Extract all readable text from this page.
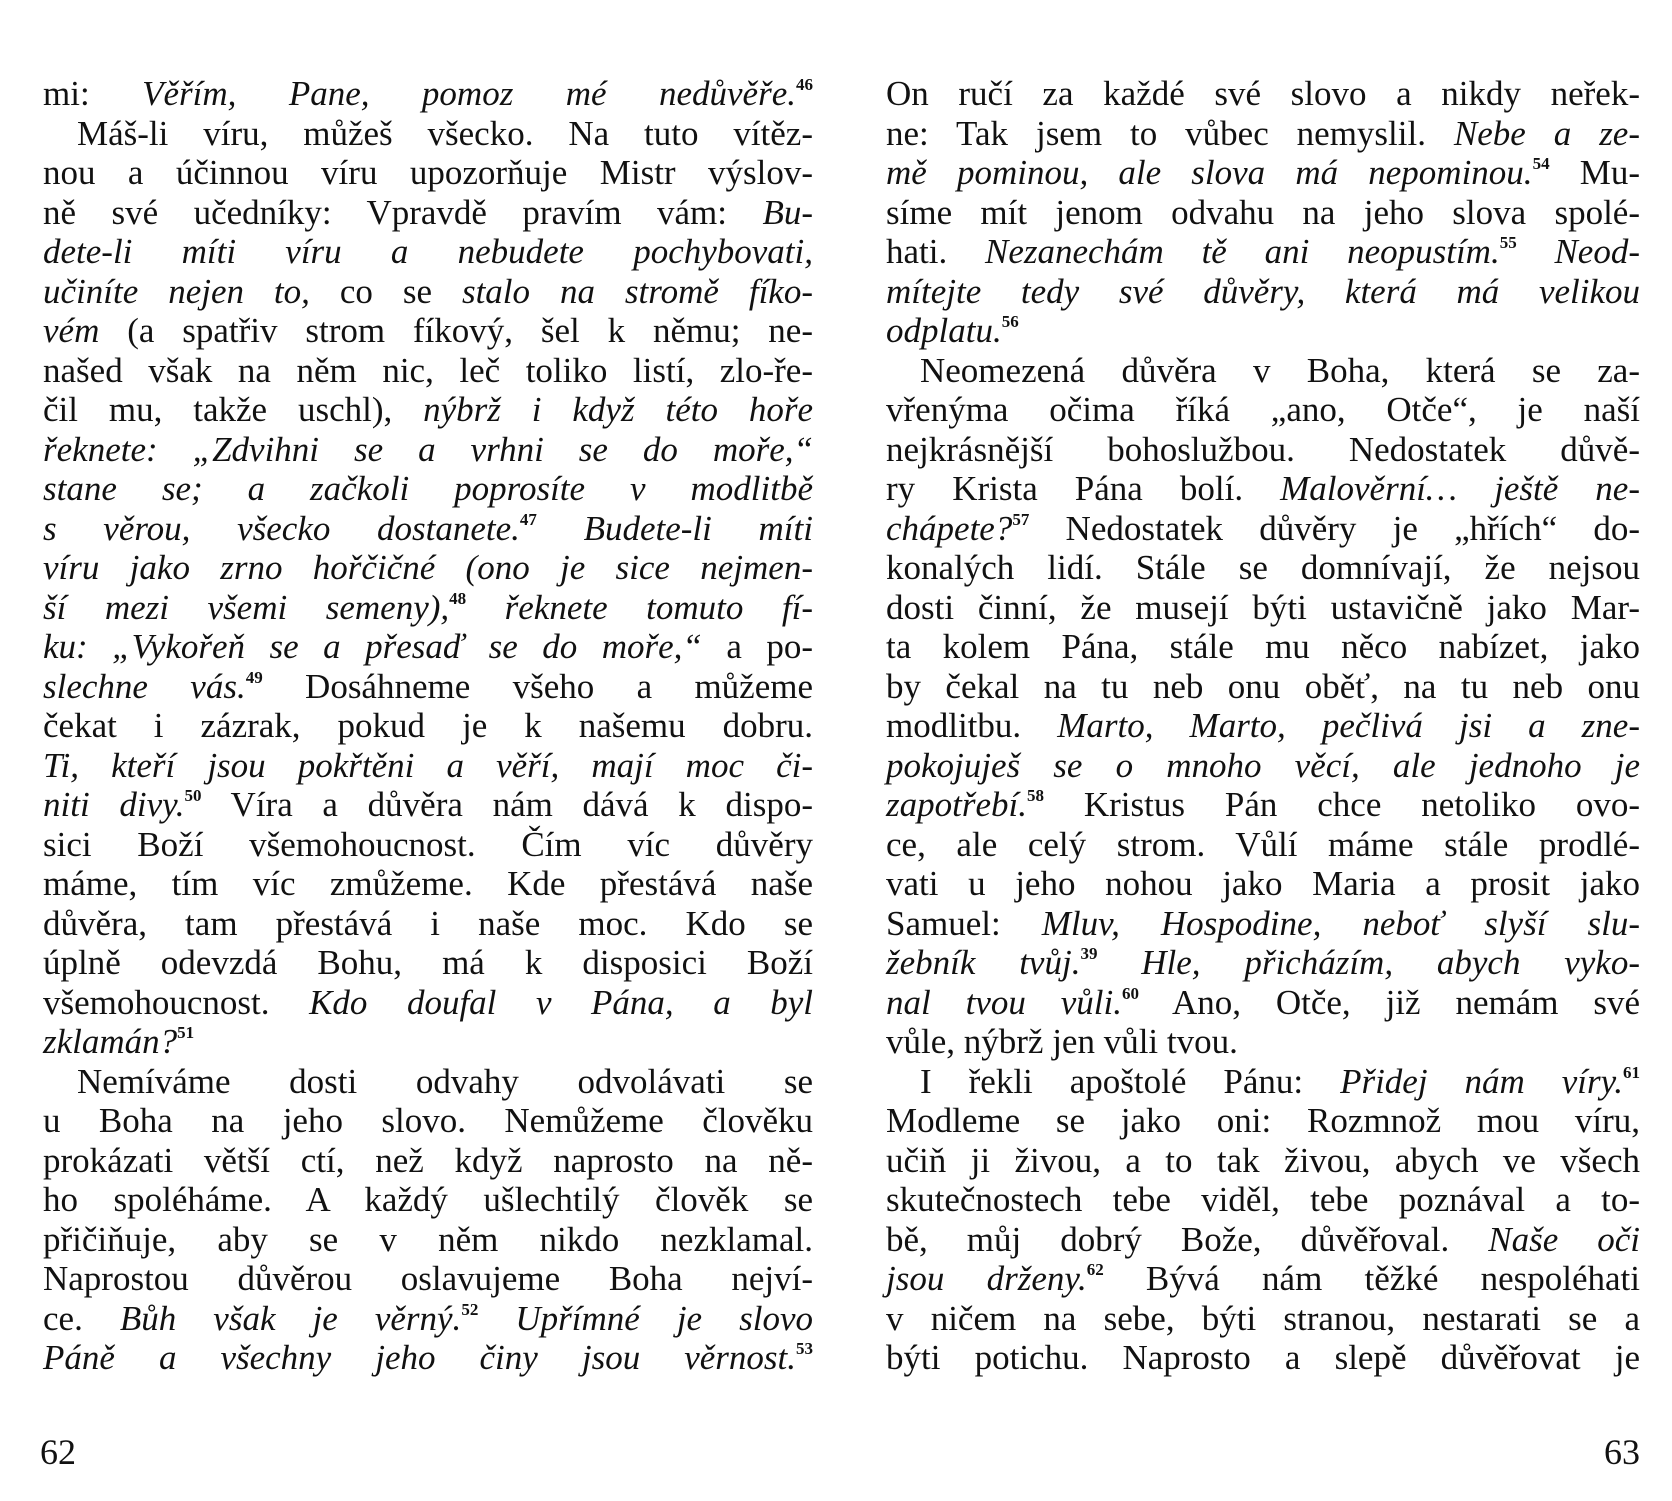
mi: Věřím, Pane, pomoz mé nedůvěře.$^{46}$
Máš-li víru, můžeš všecko. Na tuto vítěz-
nou a účinnou víru upozorňuje Mistr výslov-
ně své učedníky: Vpravdě pravím vám: Bu-
dete-li míti víru a nebudete pochybovati,
učiníte nejen to, co se stalo na stromě fíko-
vém (a spatřiv strom fíkový, šel k němu; ne-
našed však na něm nic, leč toliko listí, zlo-ře-
čil mu, takže uschl), nýbrž i když této hoře
řeknete: „Zdvihni se a vrhni se do moře,“
stane se; a začkoli poprosíte v modlitbě
s věrou, všecko dostanete.$^{47}$ Budete-li míti
víru jako zrno hořčičné (ono je sice nejmen-
ší mezi všemi semeny),$^{48}$ řeknete tomuto fí-
ku: „Vykořeň se a přesaď se do moře,“ a po-
slechne vás.$^{49}$ Dosáhneme všeho a můžeme
čekat i zázrak, pokud je k našemu dobru.
Ti, kteří jsou pokřtěni a věří, mají moc či-
niti divy.$^{50}$ Víra a důvěra nám dává k dispo-
sici Boží všemohoucnost. Čím víc důvěry
máme, tím víc zmůžeme. Kde přestává naše
důvěra, tam přestává i naše moc. Kdo se
úplně odevzdá Bohu, má k disposici Boží
všemohoucnost. Kdo doufal v Pána, a byl
zklamán?$^{51}$
Nemíváme dosti odvahy odvolávati se
u Boha na jeho slovo. Nemůžeme člověku
prokázati větší ctí, než když naprosto na ně-
ho spoléháme. A každý ušlechtilý člověk se
přičiňuje, aby se v něm nikdo nezklamal.
Naprostou důvěrou oslavujeme Boha nejví-
ce. Bůh však je věrný.$^{52}$ Upřímné je slovo
Páně a všechny jeho činy jsou věrnost.$^{53}$
62
On ručí za každé své slovo a nikdy neřek-
ne: Tak jsem to vůbec nemyslil. Nebe a ze-
mě pominou, ale slova má nepominou.$^{54}$ Mu-
síme mít jenom odvahu na jeho slova spolé-
hati. Nezanechám tě ani neopustím.$^{55}$ Neod-
mítejte tedy své důvěry, která má velikou
odplatu.$^{56}$
Neomezená důvěra v Boha, která se za-
vřenýma očima říká „ano, Otče“, je naší
nejkrásnější bohoslužbou. Nedostatek důvě-
ry Krista Pána bolí. Malověrní… ještě ne-
chápete?$^{57}$ Nedostatek důvěry je „hřích“ do-
konalých lidí. Stále se domnívají, že nejsou
dosti činní, že musejí býti ustavičně jako Mar-
ta kolem Pána, stále mu něco nabízet, jako
by čekal na tu neb onu oběť, na tu neb onu
modlitbu. Marto, Marto, pečlivá jsi a zne-
pokojuješ se o mnoho věcí, ale jednoho je
zapotřebí.$^{58}$ Kristus Pán chce netoliko ovo-
ce, ale celý strom. Vůlí máme stále prodlé-
vati u jeho nohou jako Maria a prosit jako
Samuel: Mluv, Hospodine, neboť slyší slu-
žebník tvůj.$^{39}$ Hle, přicházím, abych vyko-
nal tvou vůli.$^{60}$ Ano, Otče, již nemám své
vůle, nýbrž jen vůli tvou.
I řekli apoštolé Pánu: Přidej nám víry.$^{61}$
Modleme se jako oni: Rozmnož mou víru,
učiň ji živou, a to tak živou, abych ve všech
skutečnostech tebe viděl, tebe poznával a to-
bě, můj dobrý Bože, důvěřoval. Naše oči
jsou drženy.$^{62}$ Bývá nám těžké nespoléhati
v ničem na sebe, býti stranou, nestarati se a
býti potichu. Naprosto a slepě důvěřovat je
63
